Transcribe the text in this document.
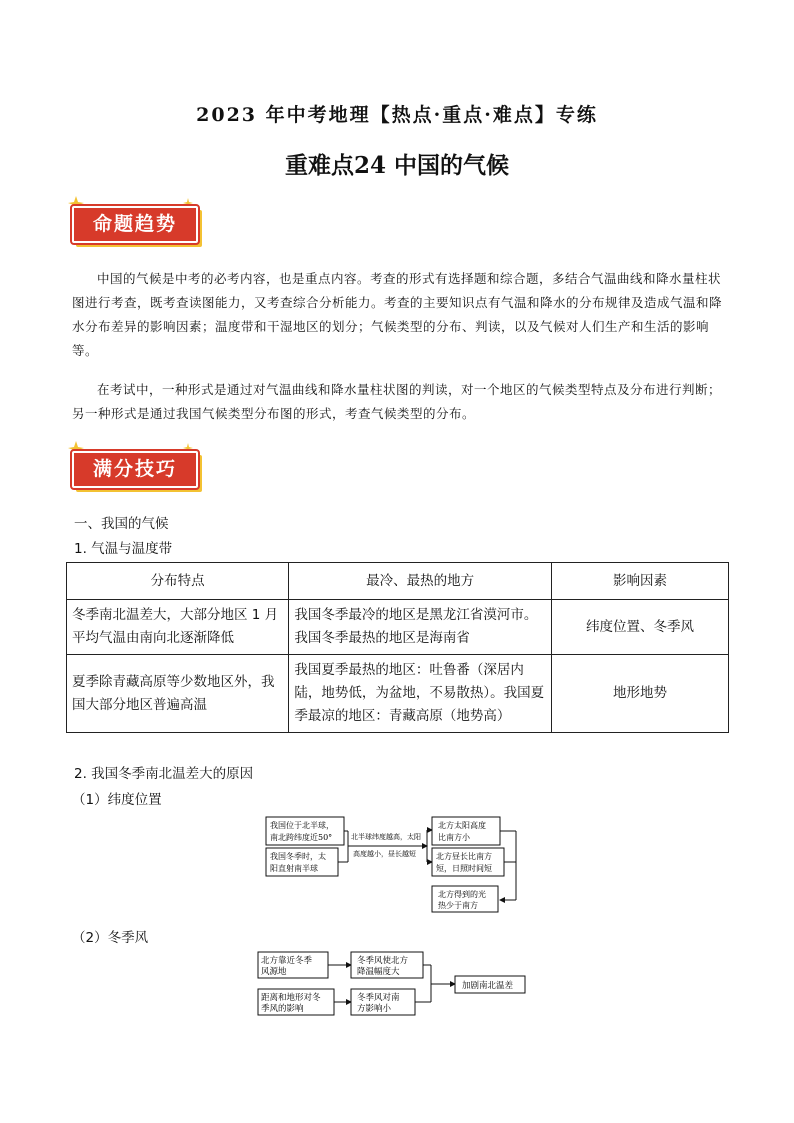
2023 年中考地理【热点·重点·难点】专练
重难点24 中国的气候
命题趋势
中国的气候是中考的必考内容，也是重点内容。考查的形式有选择题和综合题，多结合气温曲线和降水量柱状图进行考查，既考查读图能力，又考查综合分析能力。考查的主要知识点有气温和降水的分布规律及造成气温和降水分布差异的影响因素；温度带和干湿地区的划分；气候类型的分布、判读，以及气候对人们生产和生活的影响等。
在考试中，一种形式是通过对气温曲线和降水量柱状图的判读，对一个地区的气候类型特点及分布进行判断；另一种形式是通过我国气候类型分布图的形式，考查气候类型的分布。
满分技巧
一、我国的气候
1. 气温与温度带
分布特点	最冷、最热的地方	影响因素
冬季南北温差大，大部分地区 1 月平均气温由南向北逐渐降低	我国冬季最冷的地区是黑龙江省漠河市。我国冬季最热的地区是海南省	纬度位置、冬季风
夏季除青藏高原等少数地区外，我国大部分地区普遍高温	我国夏季最热的地区：吐鲁番（深居内陆，地势低，为盆地，不易散热）。我国夏季最凉的地区：青藏高原（地势高）	地形地势
2. 我国冬季南北温差大的原因
（1）纬度位置
我国位于北半球，
南北跨纬度近50°
我国冬季时，太
阳直射南半球
北半球纬度越高，太阳
高度越小，昼长越短
北方太阳高度
比南方小
北方昼长比南方
短，日照时间短
北方得到的光
热少于南方
（2）冬季风
北方靠近冬季
风源地
距离和地形对冬
季风的影响
冬季风使北方
降温幅度大
冬季风对南
方影响小
加剧南北温差
